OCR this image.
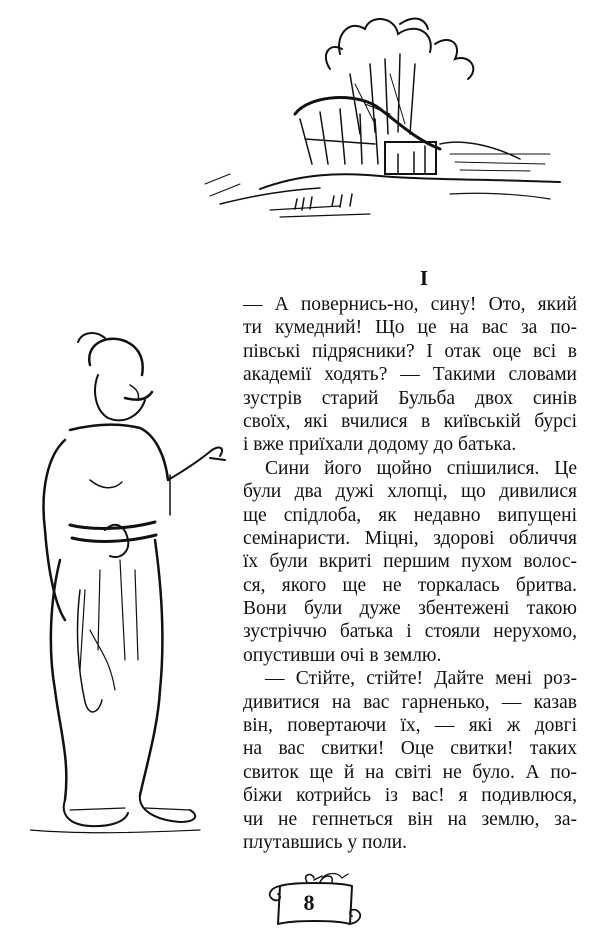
I
— А повернись-но, сину! Ото, який
ти кумедний! Що це на вас за по-
півські підрясники? І отак оце всі в
академії ходять? — Такими словами
зустрів старий Бульба двох синів
своїх, які вчилися в київській бурсі
і вже приїхали додому до батька.
Сини його щойно спішилися. Це
були два дужі хлопці, що дивилися
ще спідлоба, як недавно випущені
семінаристи. Міцні, здорові обличчя
їх були вкриті першим пухом волос-
ся, якого ще не торкалась бритва.
Вони були дуже збентежені такою
зустріччю батька і стояли нерухомо,
опустивши очі в землю.
— Стійте, стійте! Дайте мені роз-
дивитися на вас гарненько, — казав
він, повертаючи їх, — які ж довгі
на вас свитки! Оце свитки! таких
свиток ще й на світі не було. А по-
біжи котрийсь із вас! я подивлюся,
чи не гепнеться він на землю, за-
плутавшись у поли.
8
